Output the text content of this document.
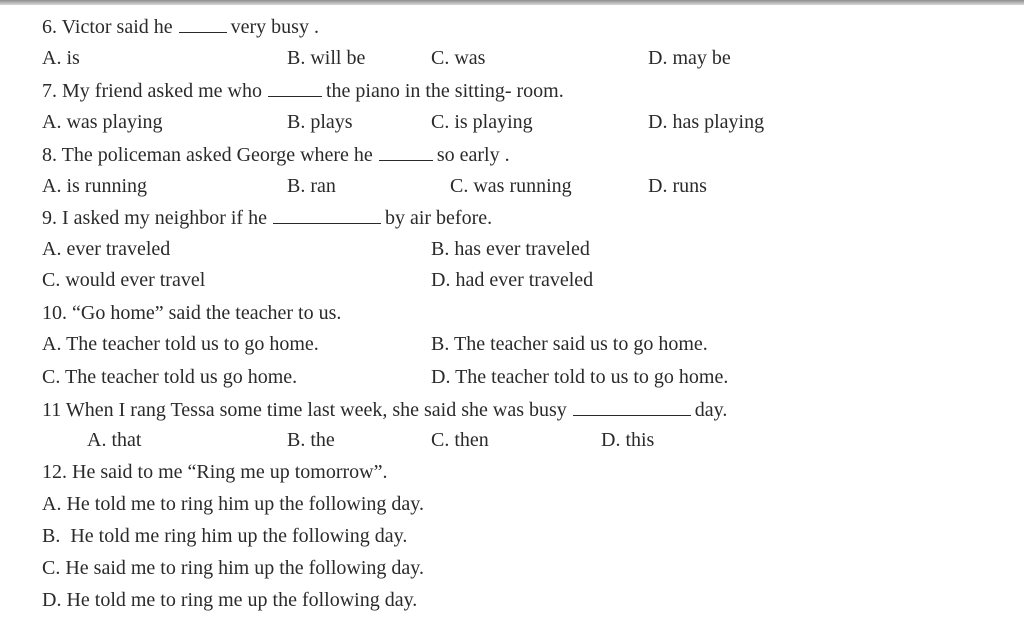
6. Victor said he	very busy .
A. is	B. will be	C. was	D. may be
7. My friend asked me who	the piano in the sitting- room.
A. was playing	B. plays	C. is playing	D. has playing
8. The policeman asked George where he	so early .
A. is running	B. ran	C. was running	D. runs
9. I asked my neighbor if he	by air before.
A. ever traveled	B. has ever traveled
C. would ever travel	D. had ever traveled
10. “Go home” said the teacher to us.
A. The teacher told us to go home.	B. The teacher said us to go home.
C. The teacher told us go home.	D. The teacher told to us to go home.
11 When I rang Tessa some time last week, she said she was busy	day.
A. that	B. the	C. then	D. this
12. He said to me “Ring me up tomorrow”.
A. He told me to ring him up the following day.
B.  He told me ring him up the following day.
C. He said me to ring him up the following day.
D. He told me to ring me up the following day.
